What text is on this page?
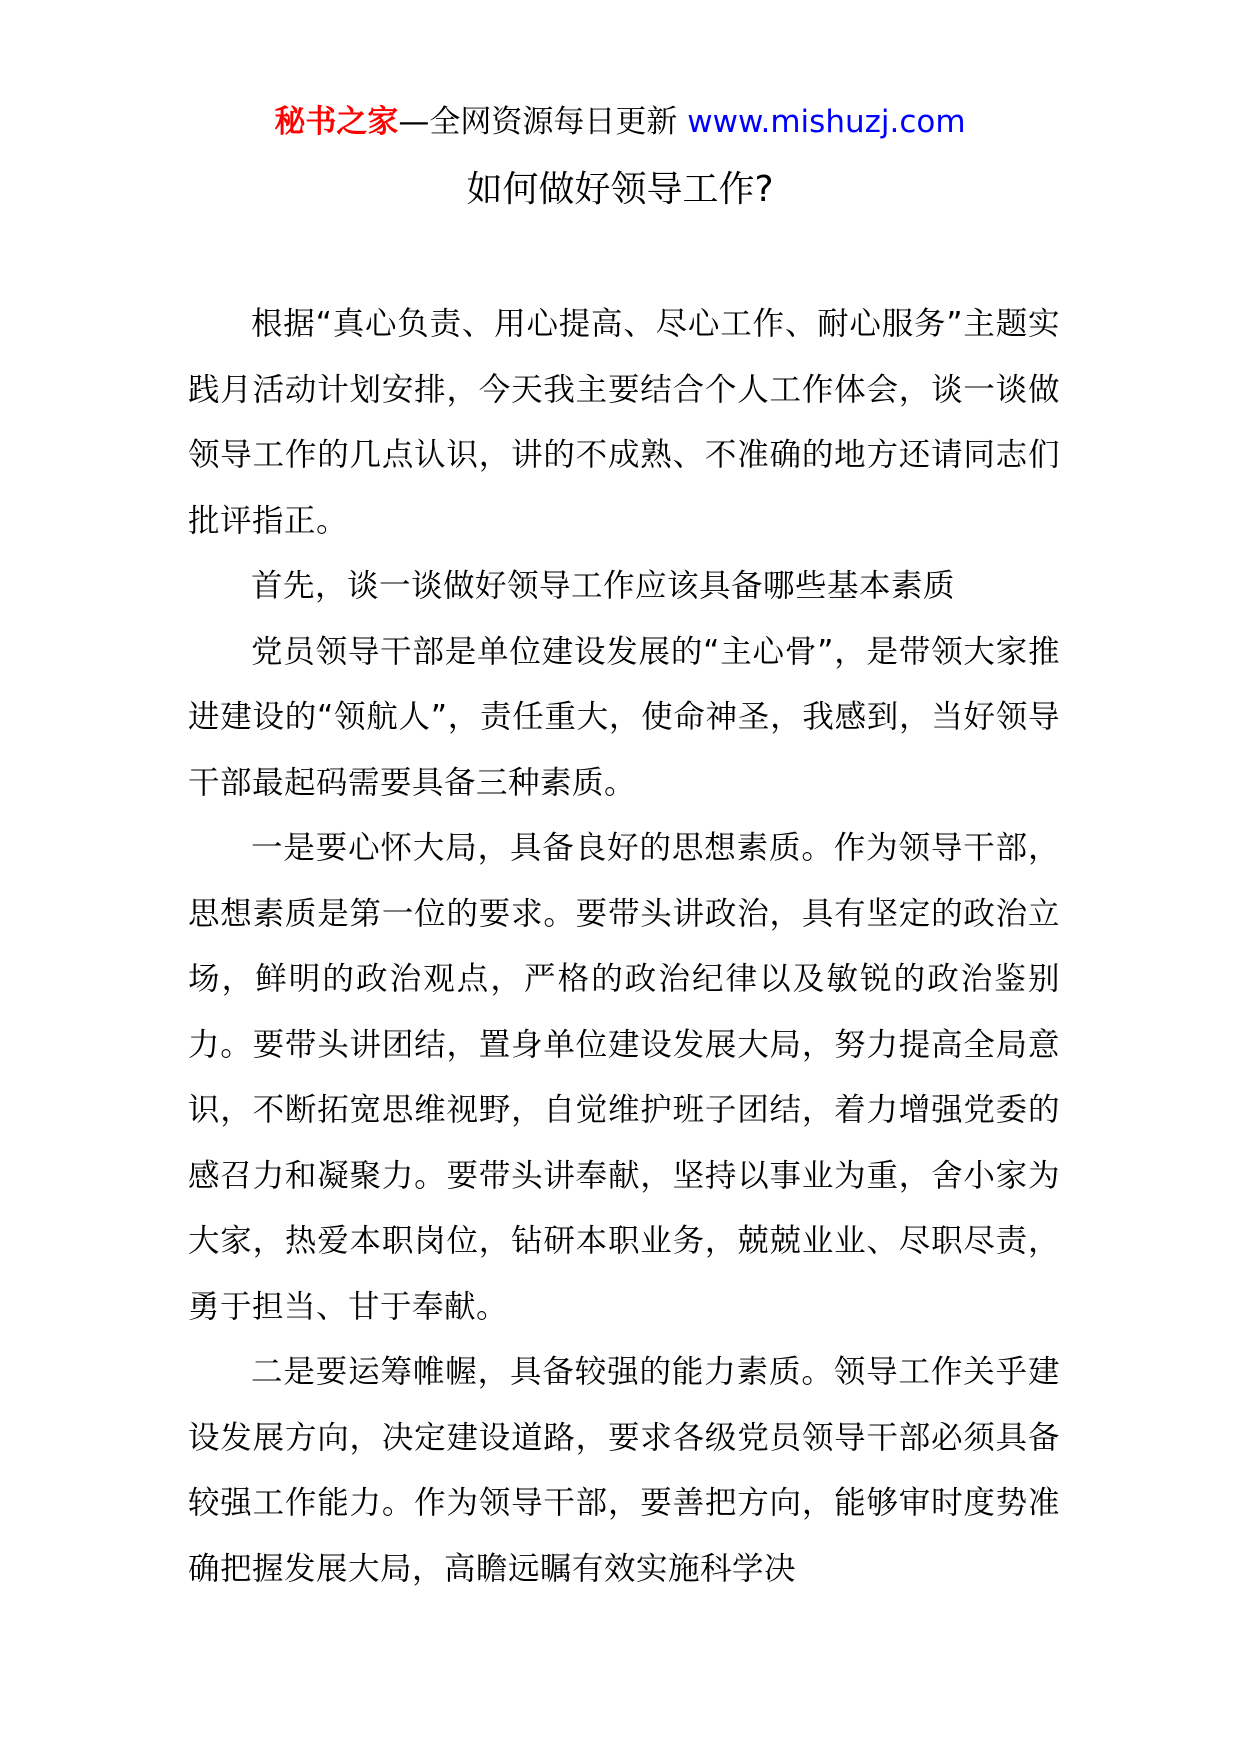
秘书之家—全网资源每日更新 www.mishuzj.com
如何做好领导工作?

根据“真心负责、用心提高、尽心工作、耐心服务”主题实践月活动计划安排，今天我主要结合个人工作体会，谈一谈做领导工作的几点认识，讲的不成熟、不准确的地方还请同志们批评指正。

首先，谈一谈做好领导工作应该具备哪些基本素质

党员领导干部是单位建设发展的“主心骨”，是带领大家推进建设的“领航人”，责任重大，使命神圣，我感到，当好领导干部最起码需要具备三种素质。

一是要心怀大局，具备良好的思想素质。作为领导干部，思想素质是第一位的要求。要带头讲政治，具有坚定的政治立场，鲜明的政治观点，严格的政治纪律以及敏锐的政治鉴别力。要带头讲团结，置身单位建设发展大局，努力提高全局意识，不断拓宽思维视野，自觉维护班子团结，着力增强党委的感召力和凝聚力。要带头讲奉献，坚持以事业为重，舍小家为大家，热爱本职岗位，钻研本职业务，兢兢业业、尽职尽责，勇于担当、甘于奉献。

二是要运筹帷幄，具备较强的能力素质。领导工作关乎建设发展方向，决定建设道路，要求各级党员领导干部必须具备较强工作能力。作为领导干部，要善把方向，能够审时度势准确把握发展大局，高瞻远瞩有效实施科学决
